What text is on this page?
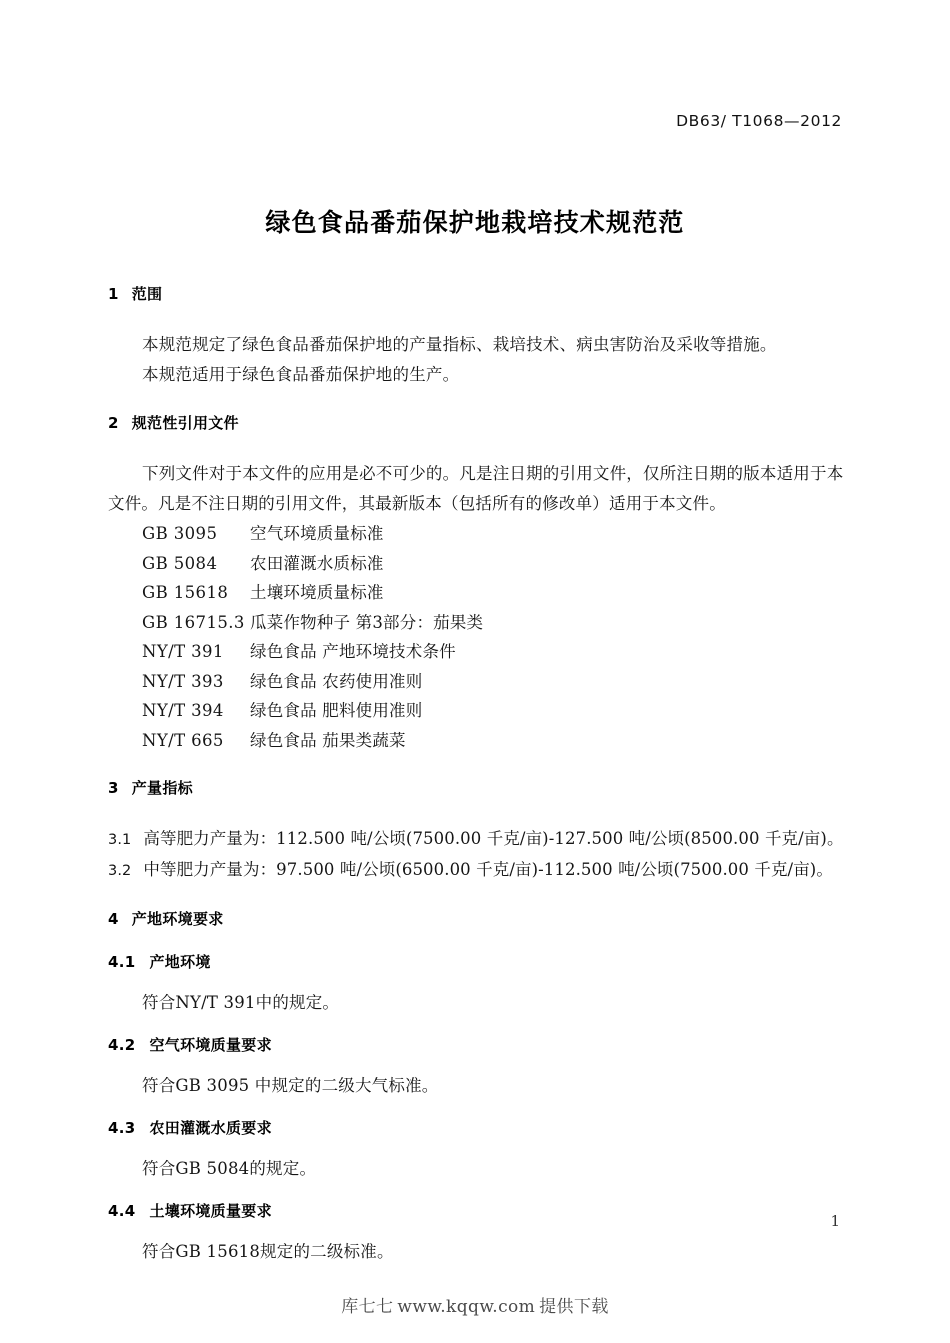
DB63/ T1068—2012
绿色食品番茄保护地栽培技术规范范
1 范围
本规范规定了绿色食品番茄保护地的产量指标、栽培技术、病虫害防治及采收等措施。
本规范适用于绿色食品番茄保护地的生产。
2 规范性引用文件
下列文件对于本文件的应用是必不可少的。凡是注日期的引用文件，仅所注日期的版本适用于本文件。凡是不注日期的引用文件，其最新版本（包括所有的修改单）适用于本文件。
GB 3095 空气环境质量标准
GB 5084 农田灌溉水质标准
GB 15618 土壤环境质量标准
GB 16715.3 瓜菜作物种子 第3部分：茄果类
NY/T 391 绿色食品 产地环境技术条件
NY/T 393 绿色食品 农药使用准则
NY/T 394 绿色食品 肥料使用准则
NY/T 665 绿色食品 茄果类蔬菜
3 产量指标
3.1 高等肥力产量为：112.500 吨/公顷(7500.00 千克/亩)-127.500 吨/公顷(8500.00 千克/亩)。
3.2 中等肥力产量为：97.500 吨/公顷(6500.00 千克/亩)-112.500 吨/公顷(7500.00 千克/亩)。
4 产地环境要求
4.1 产地环境
符合NY/T 391中的规定。
4.2 空气环境质量要求
符合GB 3095 中规定的二级大气标准。
4.3 农田灌溉水质要求
符合GB 5084的规定。
4.4 土壤环境质量要求
符合GB 15618规定的二级标准。
1
库七七 www.kqqw.com 提供下载
